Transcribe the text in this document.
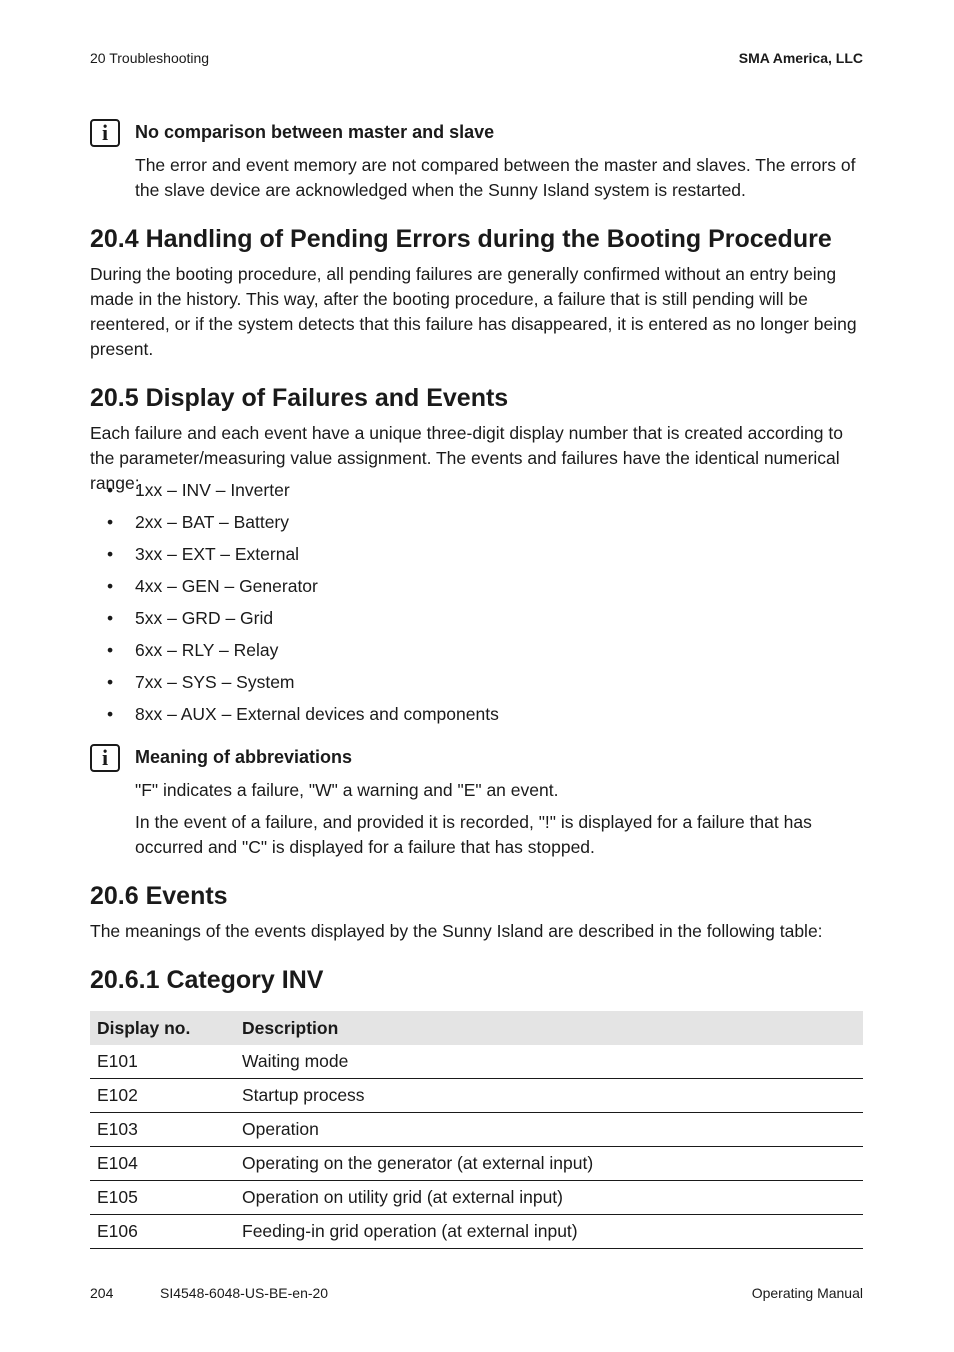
20 Troubleshooting	SMA America, LLC
i	No comparison between master and slave

The error and event memory are not compared between the master and slaves. The errors of the slave device are acknowledged when the Sunny Island system is restarted.

20.4 Handling of Pending Errors during the Booting Procedure

During the booting procedure, all pending failures are generally confirmed without an entry being made in the history. This way, after the booting procedure, a failure that is still pending will be reentered, or if the system detects that this failure has disappeared, it is entered as no longer being present.

20.5 Display of Failures and Events

Each failure and each event have a unique three-digit display number that is created according to the parameter/measuring value assignment. The events and failures have the identical numerical range:

• 1xx – INV – Inverter
• 2xx – BAT – Battery
• 3xx – EXT – External
• 4xx – GEN – Generator
• 5xx – GRD – Grid
• 6xx – RLY – Relay
• 7xx – SYS – System
• 8xx – AUX – External devices and components
i	Meaning of abbreviations

"F" indicates a failure, "W" a warning and "E" an event.

In the event of a failure, and provided it is recorded, "!" is displayed for a failure that has occurred and "C" is displayed for a failure that has stopped.

20.6 Events

The meanings of the events displayed by the Sunny Island are described in the following table:

20.6.1 Category INV
Display no.	Description
E101	Waiting mode
E102	Startup process
E103	Operation
E104	Operating on the generator (at external input)
E105	Operation on utility grid (at external input)
E106	Feeding-in grid operation (at external input)
204	SI4548-6048-US-BE-en-20	Operating Manual
